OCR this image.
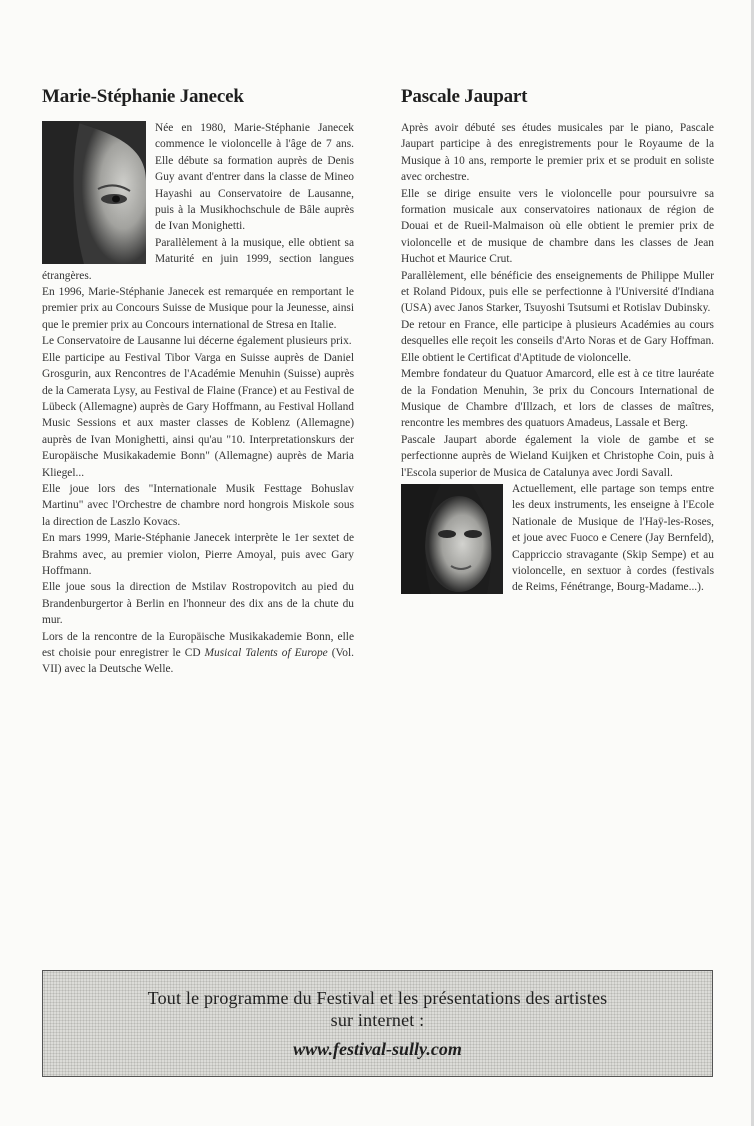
Marie-Stéphanie Janecek

Née en 1980, Marie-Stéphanie Janecek commence le violoncelle à l'âge de 7 ans. Elle débute sa formation auprès de Denis Guy avant d'entrer dans la classe de Mineo Hayashi au Conservatoire de Lausanne, puis à la Musikhochschule de Bâle auprès de Ivan Monighetti.

Parallèlement à la musique, elle obtient sa Maturité en juin 1999, section langues étrangères.

En 1996, Marie-Stéphanie Janecek est remarquée en remportant le premier prix au Concours Suisse de Musique pour la Jeunesse, ainsi que le premier prix au Concours international de Stresa en Italie.

Le Conservatoire de Lausanne lui décerne également plusieurs prix.

Elle participe au Festival Tibor Varga en Suisse auprès de Daniel Grosgurin, aux Rencontres de l'Académie Menuhin (Suisse) auprès de la Camerata Lysy, au Festival de Flaine (France) et au Festival de Lübeck (Allemagne) auprès de Gary Hoffmann, au Festival Holland Music Sessions et aux master classes de Koblenz (Allemagne) auprès de Ivan Monighetti, ainsi qu'au "10. Interpretationskurs der Europäische Musikakademie Bonn" (Allemagne) auprès de Maria Kliegel...

Elle joue lors des "Internationale Musik Festtage Bohuslav Martinu" avec l'Orchestre de chambre nord hongrois Miskole sous la direction de Laszlo Kovacs.

En mars 1999, Marie-Stéphanie Janecek interprète le 1er sextet de Brahms avec, au premier violon, Pierre Amoyal, puis avec Gary Hoffmann.

Elle joue sous la direction de Mstilav Rostropovitch au pied du Brandenburgertor à Berlin en l'honneur des dix ans de la chute du mur.

Lors de la rencontre de la Europäische Musikakademie Bonn, elle est choisie pour enregistrer le CD Musical Talents of Europe (Vol. VII) avec la Deutsche Welle.

Pascale Jaupart

Après avoir débuté ses études musicales par le piano, Pascale Jaupart participe à des enregistrements pour le Royaume de la Musique à 10 ans, remporte le premier prix et se produit en soliste avec orchestre.

Elle se dirige ensuite vers le violoncelle pour poursuivre sa formation musicale aux conservatoires nationaux de région de Douai et de Rueil-Malmaison où elle obtient le premier prix de violoncelle et de musique de chambre dans les classes de Jean Huchot et Maurice Crut.

Parallèlement, elle bénéficie des enseignements de Philippe Muller et Roland Pidoux, puis elle se perfectionne à l'Université d'Indiana (USA) avec Janos Starker, Tsuyoshi Tsutsumi et Rotislav Dubinsky.

De retour en France, elle participe à plusieurs Académies au cours desquelles elle reçoit les conseils d'Arto Noras et de Gary Hoffman. Elle obtient le Certificat d'Aptitude de violoncelle.

Membre fondateur du Quatuor Amarcord, elle est à ce titre lauréate de la Fondation Menuhin, 3e prix du Concours International de Musique de Chambre d'Illzach, et lors de classes de maîtres, rencontre les membres des quatuors Amadeus, Lassale et Berg.

Pascale Jaupart aborde également la viole de gambe et se perfectionne auprès de Wieland Kuijken et Christophe Coin, puis à l'Escola superior de Musica de Catalunya avec Jordi Savall.

Actuellement, elle partage son temps entre les deux instruments, les enseigne à l'Ecole Nationale de Musique de l'Haÿ-les-Roses, et joue avec Fuoco e Cenere (Jay Bernfeld), Cappriccio stravagante (Skip Sempe) et au violoncelle, en sextuor à cordes (festivals de Reims, Fénétrange, Bourg-Madame...).

Tout le programme du Festival et les présentations des artistes
sur internet :
www.festival-sully.com
